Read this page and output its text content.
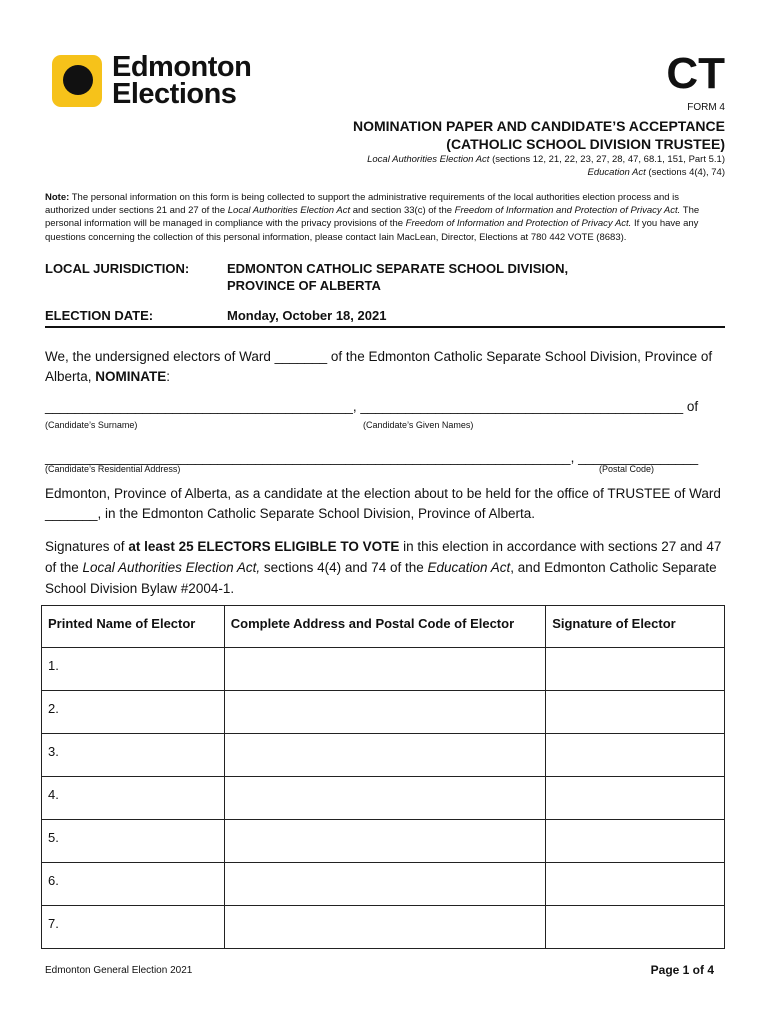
Edmonton
Elections	CT
FORM 4
NOMINATION PAPER AND CANDIDATE’S ACCEPTANCE
(CATHOLIC SCHOOL DIVISION TRUSTEE)
Local Authorities Election Act (sections 12, 21, 22, 23, 27, 28, 47, 68.1, 151, Part 5.1)
Education Act (sections 4(4), 74)
Note: The personal information on this form is being collected to support the administrative requirements of the local authorities election process and is authorized under sections 21 and 27 of the Local Authorities Election Act and section 33(c) of the Freedom of Information and Protection of Privacy Act. The personal information will be managed in compliance with the privacy provisions of the Freedom of Information and Protection of Privacy Act. If you have any questions concerning the collection of this personal information, please contact Iain MacLean, Director, Elections at 780 442 VOTE (8683).
LOCAL JURISDICTION:	EDMONTON CATHOLIC SEPARATE SCHOOL DIVISION,
PROVINCE OF ALBERTA
ELECTION DATE:	Monday, October 18, 2021
We, the undersigned electors of Ward _______ of the Edmonton Catholic Separate School Division, Province of Alberta, NOMINATE:
_________________________________________, ___________________________________________ of
(Candidate’s Surname)	(Candidate’s Given Names)
______________________________________________________________________, ________________
(Candidate’s Residential Address)	(Postal Code)
Edmonton, Province of Alberta, as a candidate at the election about to be held for the office of TRUSTEE of Ward _______, in the Edmonton Catholic Separate School Division, Province of Alberta.
Signatures of at least 25 ELECTORS ELIGIBLE TO VOTE in this election in accordance with sections 27 and 47 of the Local Authorities Election Act, sections 4(4) and 74 of the Education Act, and Edmonton Catholic Separate School Division Bylaw #2004-1.
Printed Name of Elector	Complete Address and Postal Code of Elector	Signature of Elector
1.		
2.		
3.		
4.		
5.		
6.		
7.		
Edmonton General Election 2021	Page 1 of 4
